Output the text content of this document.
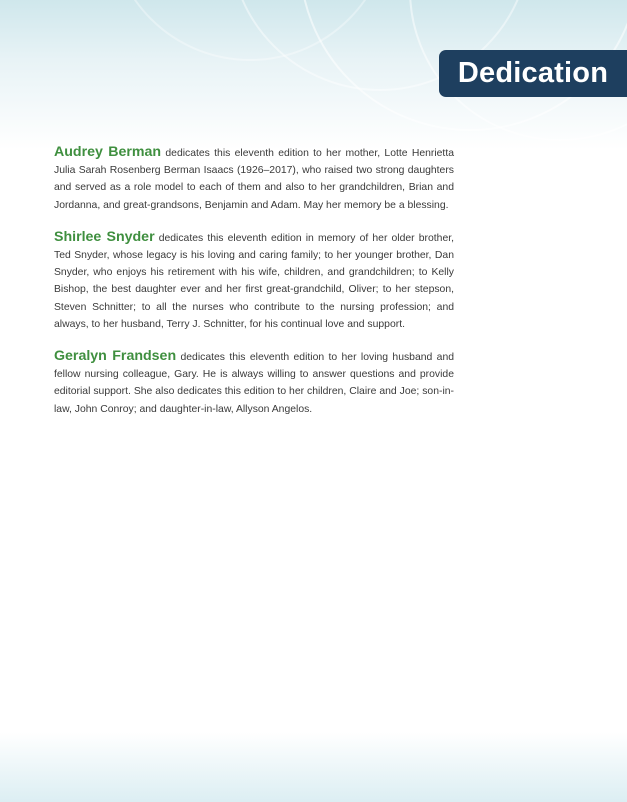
Dedication

Audrey Berman dedicates this eleventh edition to her mother, Lotte Henrietta Julia Sarah Rosenberg Berman Isaacs (1926–2017), who raised two strong daughters and served as a role model to each of them and also to her grandchildren, Brian and Jordanna, and great-grandsons, Benjamin and Adam. May her memory be a blessing.

Shirlee Snyder dedicates this eleventh edition in memory of her older brother, Ted Snyder, whose legacy is his loving and caring family; to her younger brother, Dan Snyder, who enjoys his retirement with his wife, children, and grandchildren; to Kelly Bishop, the best daughter ever and her first great-grandchild, Oliver; to her stepson, Steven Schnitter; to all the nurses who contribute to the nursing profession; and always, to her husband, Terry J. Schnitter, for his continual love and support.

Geralyn Frandsen dedicates this eleventh edition to her loving husband and fellow nursing colleague, Gary. He is always willing to answer questions and provide editorial support. She also dedicates this edition to her children, Claire and Joe; son-in-law, John Conroy; and daughter-in-law, Allyson Angelos.
